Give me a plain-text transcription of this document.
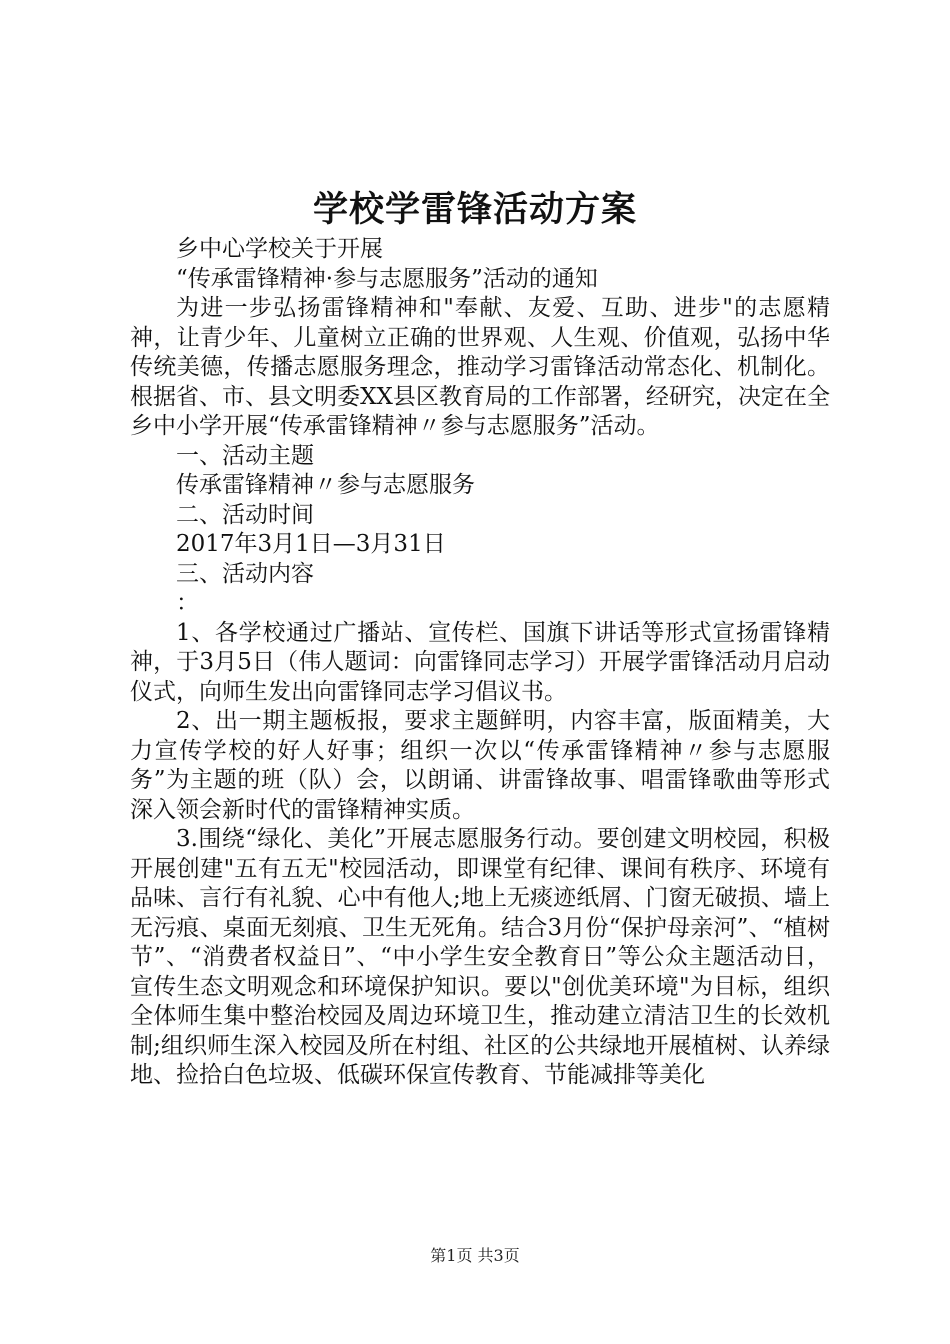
学校学雷锋活动方案

乡中心学校关于开展

“传承雷锋精神·参与志愿服务”活动的通知

为进一步弘扬雷锋精神和"奉献、友爱、互助、进步"的志愿精神，让青少年、儿童树立正确的世界观、人生观、价值观，弘扬中华传统美德，传播志愿服务理念，推动学习雷锋活动常态化、机制化。根据省、市、县文明委XX县区教育局的工作部署，经研究，决定在全乡中小学开展“传承雷锋精神〃参与志愿服务”活动。

一、活动主题

传承雷锋精神〃参与志愿服务

二、活动时间

2017年3月1日—3月31日

三、活动内容

：

1、各学校通过广播站、宣传栏、国旗下讲话等形式宣扬雷锋精神，于3月5日（伟人题词：向雷锋同志学习）开展学雷锋活动月启动仪式，向师生发出向雷锋同志学习倡议书。

2、出一期主题板报，要求主题鲜明，内容丰富，版面精美，大力宣传学校的好人好事；组织一次以“传承雷锋精神〃参与志愿服务”为主题的班（队）会，以朗诵、讲雷锋故事、唱雷锋歌曲等形式深入领会新时代的雷锋精神实质。

3.围绕“绿化、美化”开展志愿服务行动。要创建文明校园，积极开展创建"五有五无"校园活动，即课堂有纪律、课间有秩序、环境有品味、言行有礼貌、心中有他人;地上无痰迹纸屑、门窗无破损、墙上无污痕、桌面无刻痕、卫生无死角。结合3月份“保护母亲河”、“植树节”、“消费者权益日”、“中小学生安全教育日”等公众主题活动日，宣传生态文明观念和环境保护知识。要以"创优美环境"为目标，组织全体师生集中整治校园及周边环境卫生，推动建立清洁卫生的长效机制;组织师生深入校园及所在村组、社区的公共绿地开展植树、认养绿地、捡拾白色垃圾、低碳环保宣传教育、节能减排等美化

第1页 共3页
